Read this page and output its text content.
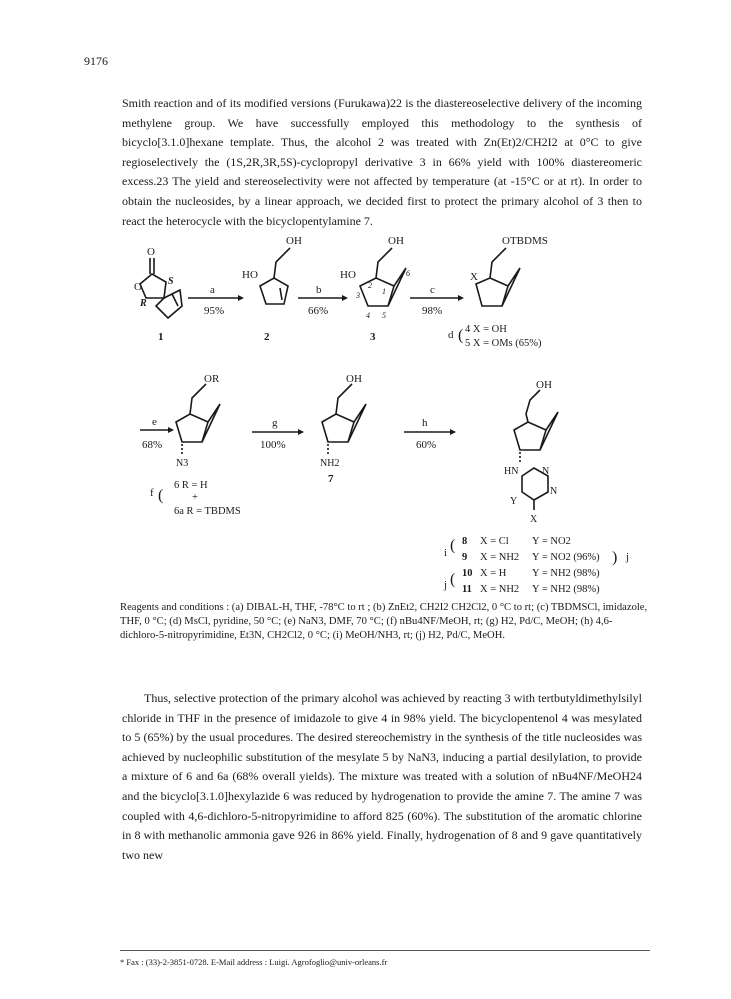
9176

Smith reaction and of its modified versions (Furukawa)22 is the diastereoselective delivery of the incoming methylene group. We have successfully employed this methodology to the synthesis of bicyclo[3.1.0]hexane template. Thus, the alcohol 2 was treated with Zn(Et)2/CH2I2 at 0°C to give regioselectively the (1S,2R,3R,5S)-cyclopropyl derivative 3 in 66% yield with 100% diastereomeric excess.23 The yield and stereoselectivity were not affected by temperature (at -15°C or at rt). In order to obtain the nucleosides, by a linear approach, we decided first to protect the primary alcohol of 3 then to react the heterocycle with the bicyclopentylamine 7.

O
O	S
R
1
OH
HO
2
OH
HO
2
1
6
3
4 5
3
OTBDMS
X
a
95%
b
66%
c
98%
d ( 4 X = OH
5 X = OMs (65%)
OR
N3
OH
NH2
7
OH
HN N
N
Y
X
e
68%
g
100%
h
60%
f (
6 R = H
+
6a R = TBDMS
i (
j (
) j
8 X = Cl Y = NO2
9 X = NH2 Y = NO2 (96%)
10 X = H Y = NH2 (98%)
11 X = NH2 Y = NH2 (98%)

Reagents and conditions : (a) DIBAL-H, THF, -78°C to rt ; (b) ZnEt2, CH2I2 CH2Cl2, 0 °C to rt; (c) TBDMSCl, imidazole, THF, 0 °C; (d) MsCl, pyridine, 50 °C; (e) NaN3, DMF, 70 °C; (f) nBu4NF/MeOH, rt; (g) H2, Pd/C, MeOH; (h) 4,6-dichloro-5-nitropyrimidine, Et3N, CH2Cl2, 0 °C; (i) MeOH/NH3, rt; (j) H2, Pd/C, MeOH.

Thus, selective protection of the primary alcohol was achieved by reacting 3 with tertbutyldimethylsilyl chloride in THF in the presence of imidazole to give 4 in 98% yield. The bicyclopentenol 4 was mesylated to 5 (65%) by the usual procedures. The desired stereochemistry in the synthesis of the title nucleosides was achieved by nucleophilic substitution of the mesylate 5 by NaN3, inducing a partial desilylation, to provide a mixture of 6 and 6a (68% overall yields). The mixture was treated with a solution of nBu4NF/MeOH24 and the bicyclo[3.1.0]hexylazide 6 was reduced by hydrogenation to provide the amine 7. The amine 7 was coupled with 4,6-dichloro-5-nitropyrimidine to afford 825 (60%). The substitution of the aromatic chlorine in 8 with methanolic ammonia gave 926 in 86% yield. Finally, hydrogenation of 8 and 9 gave quantitatively two new

* Fax : (33)-2-3851-0728. E-Mail address : Luigi. Agrofoglio@univ-orleans.fr
